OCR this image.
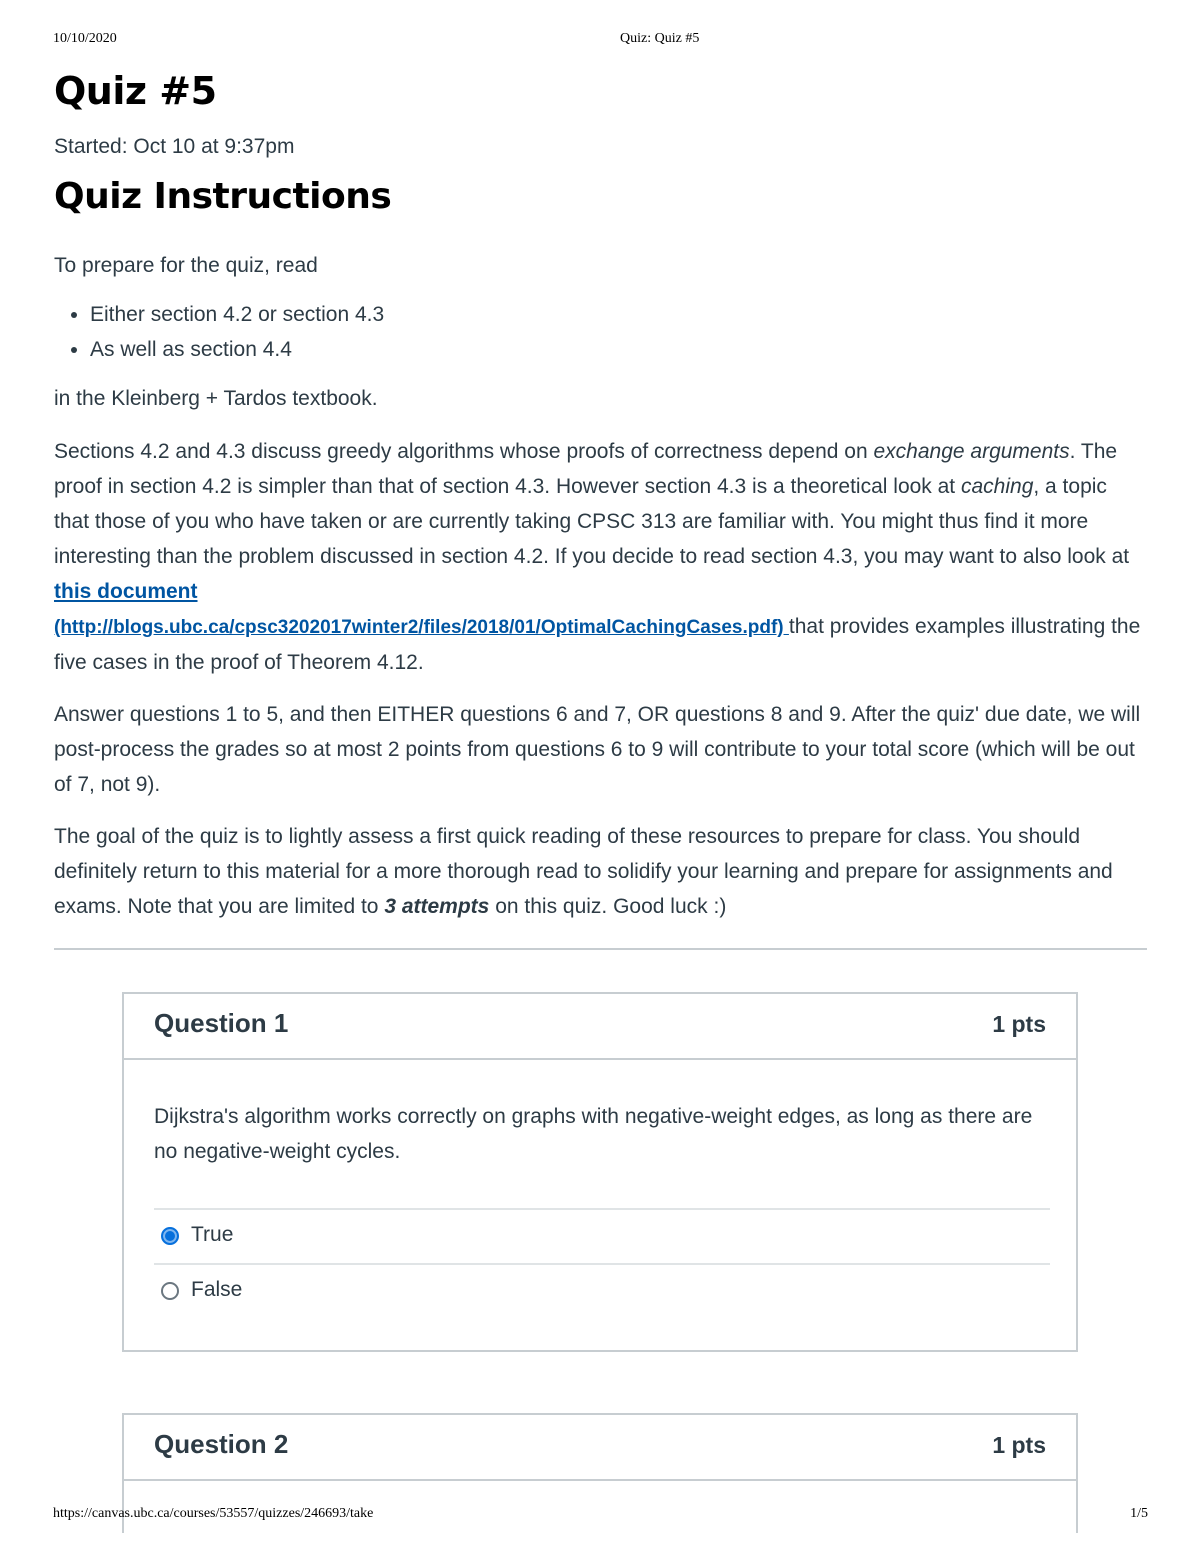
10/10/2020	Quiz: Quiz #5
Quiz #5
Started: Oct 10 at 9:37pm
Quiz Instructions

To prepare for the quiz, read

• Either section 4.2 or section 4.3
• As well as section 4.4

in the Kleinberg + Tardos textbook.

Sections 4.2 and 4.3 discuss greedy algorithms whose proofs of correctness depend on exchange arguments. The proof in section 4.2 is simpler than that of section 4.3. However section 4.3 is a theoretical look at caching, a topic that those of you who have taken or are currently taking CPSC 313 are familiar with. You might thus find it more interesting than the problem discussed in section 4.2. If you decide to read section 4.3, you may want to also look at this document
(http://blogs.ubc.ca/cpsc3202017winter2/files/2018/01/OptimalCachingCases.pdf) that provides examples illustrating the five cases in the proof of Theorem 4.12.

Answer questions 1 to 5, and then EITHER questions 6 and 7, OR questions 8 and 9. After the quiz' due date, we will post-process the grades so at most 2 points from questions 6 to 9 will contribute to your total score (which will be out of 7, not 9).

The goal of the quiz is to lightly assess a first quick reading of these resources to prepare for class. You should definitely return to this material for a more thorough read to solidify your learning and prepare for assignments and exams. Note that you are limited to 3 attempts on this quiz. Good luck :)

Question 1	1 pts
Dijkstra's algorithm works correctly on graphs with negative-weight edges, as long as there are no negative-weight cycles.
True
False
Question 2	1 pts
https://canvas.ubc.ca/courses/53557/quizzes/246693/take	1/5
